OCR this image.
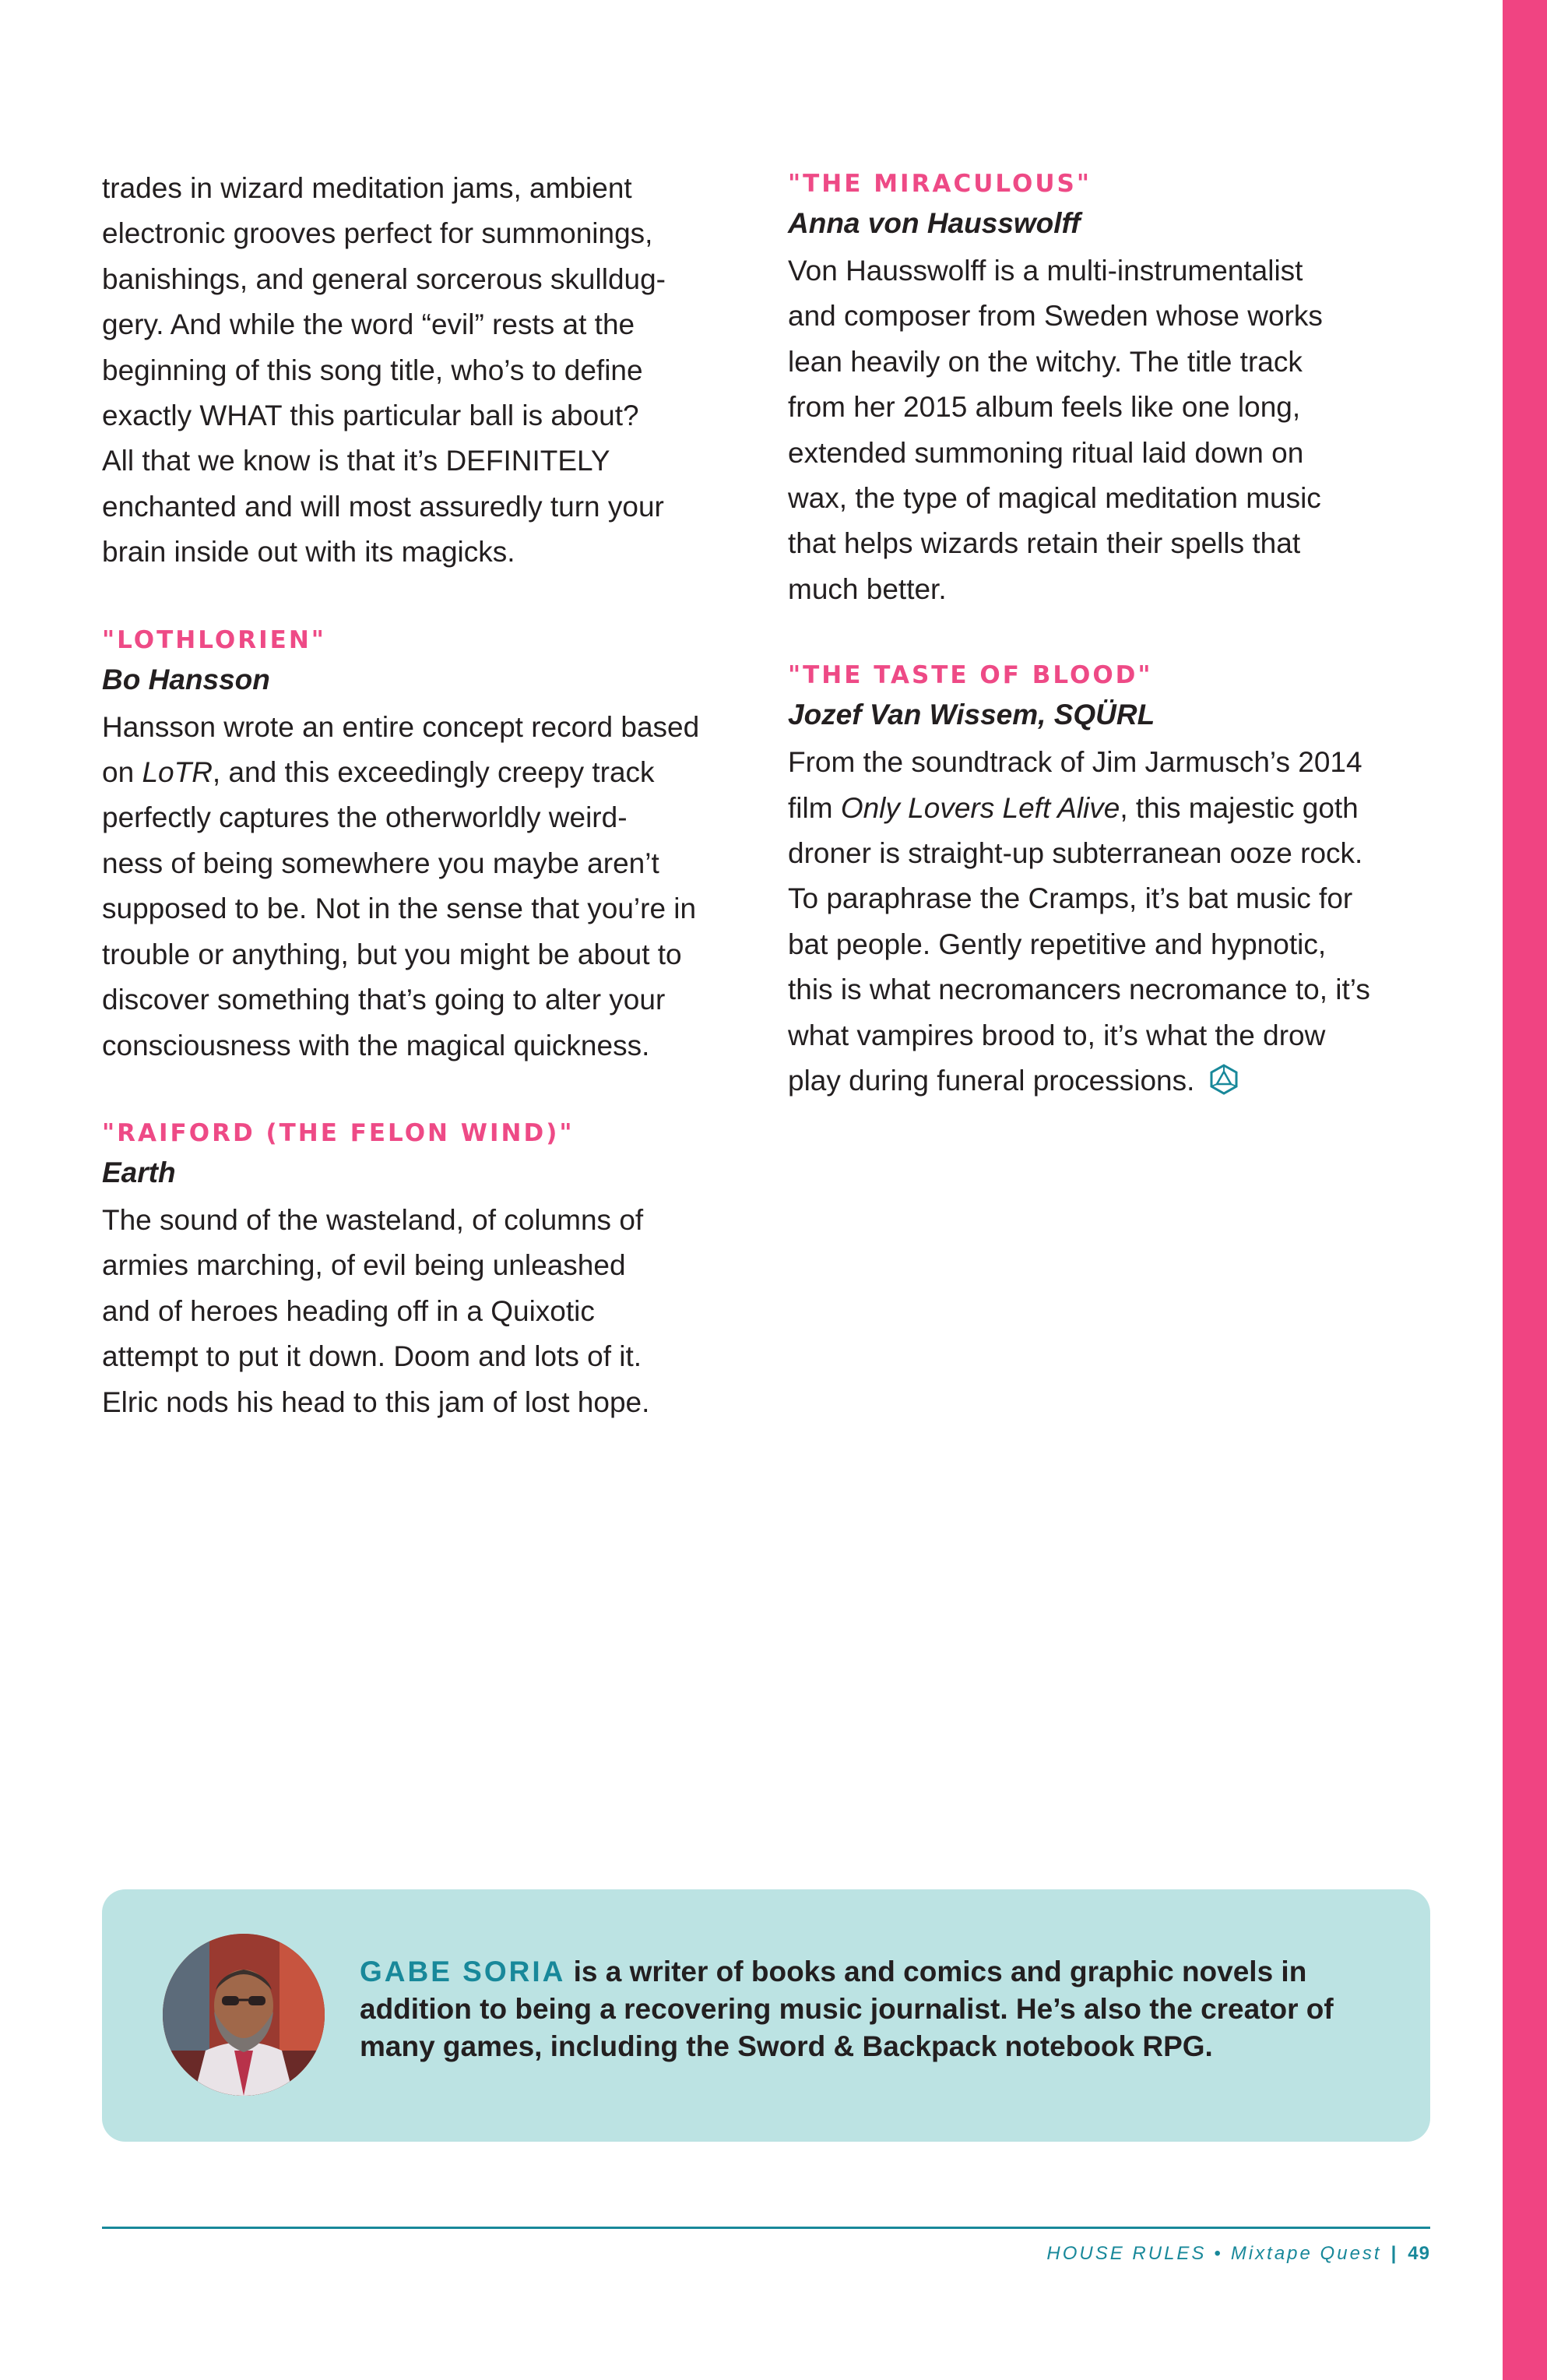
trades in wizard meditation jams, ambient
electronic grooves perfect for summonings,
banishings, and general sorcerous skulldug-
gery. And while the word “evil” rests at the
beginning of this song title, who’s to define
exactly WHAT this particular ball is about?
All that we know is that it’s DEFINITELY
enchanted and will most assuredly turn your
brain inside out with its magicks.

"LOTHLORIEN"

Bo Hansson

Hansson wrote an entire concept record based
on LoTR, and this exceedingly creepy track
perfectly captures the otherworldly weird-
ness of being somewhere you maybe aren’t
supposed to be. Not in the sense that you’re in
trouble or anything, but you might be about to
discover something that’s going to alter your
consciousness with the magical quickness.

"RAIFORD (THE FELON WIND)"

Earth

The sound of the wasteland, of columns of
armies marching, of evil being unleashed
and of heroes heading off in a Quixotic
attempt to put it down. Doom and lots of it.
Elric nods his head to this jam of lost hope.

"THE MIRACULOUS"

Anna von Hausswolff

Von Hausswolff is a multi-instrumentalist
and composer from Sweden whose works
lean heavily on the witchy. The title track
from her 2015 album feels like one long,
extended summoning ritual laid down on
wax, the type of magical meditation music
that helps wizards retain their spells that
much better.

"THE TASTE OF BLOOD"

Jozef Van Wissem, SQÜRL

From the soundtrack of Jim Jarmusch’s 2014
film Only Lovers Left Alive, this majestic goth
droner is straight-up subterranean ooze rock.
To paraphrase the Cramps, it’s bat music for
bat people. Gently repetitive and hypnotic,
this is what necromancers necromance to, it’s
what vampires brood to, it’s what the drow
play during funeral processions.

GABE SORIA is a writer of books and comics and graphic novels in addition to being a recovering music journalist. He’s also the creator of many games, including the Sword & Backpack notebook RPG.

HOUSE RULES • Mixtape Quest | 49
